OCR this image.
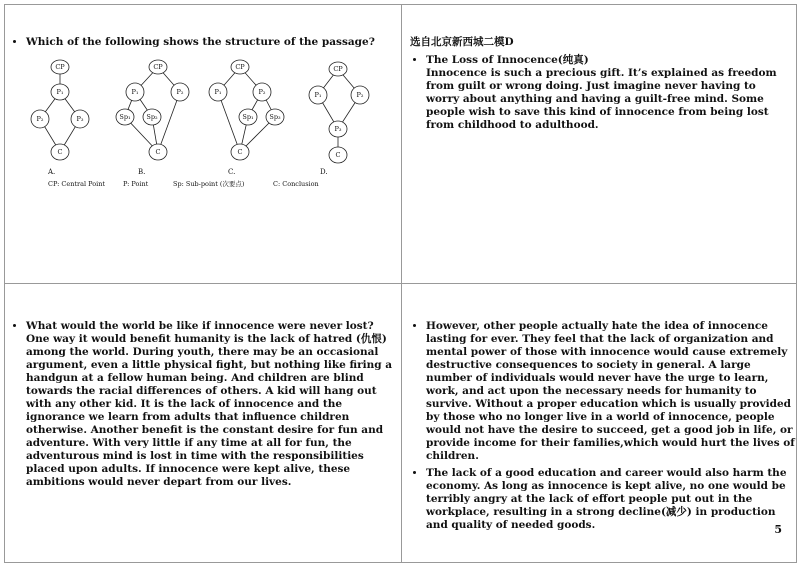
• Which of the following shows the structure of the passage?
CP
P₁
P₂	P₃
C
CP
P₁	P₂
Sp₁ Sp₂
C
CP
P₁	P₂
Sp₁ Sp₃
C
CP
P₁	P₂
P₃
C
A.	B.	C.	D.
CP: Central Point	P: Point	Sp: Sub-point (次要点)	C: Conclusion
选自北京新西城二模D
• The Loss of Innocence(纯真)
Innocence is such a precious gift. It’s explained as freedom from guilt or wrong doing. Just imagine never having to worry about anything and having a guilt-free mind. Some people wish to save this kind of innocence from being lost from childhood to adulthood.
• What would the world be like if innocence were never lost? One way it would benefit humanity is the lack of hatred (仇恨) among the world. During youth, there may be an occasional argument, even a little physical fight, but nothing like firing a handgun at a fellow human being. And children are blind towards the racial differences of others. A kid will hang out with any other kid. It is the lack of innocence and the ignorance we learn from adults that influence children otherwise. Another benefit is the constant desire for fun and adventure. With very little if any time at all for fun, the adventurous mind is lost in time with the responsibilities placed upon adults. If innocence were kept alive, these ambitions would never depart from our lives.
• However, other people actually hate the idea of innocence lasting for ever. They feel that the lack of organization and mental power of those with innocence would cause extremely destructive consequences to society in general. A large number of individuals would never have the urge to learn, work, and act upon the necessary needs for humanity to survive. Without a proper education which is usually provided by those who no longer live in a world of innocence, people would not have the desire to succeed, get a good job in life, or provide income for their families,which would hurt the lives of children.
• The lack of a good education and career would also harm the economy. As long as innocence is kept alive, no one would be terribly angry at the lack of effort people put out in the workplace, resulting in a strong decline(减少) in production and quality of needed goods.	5
